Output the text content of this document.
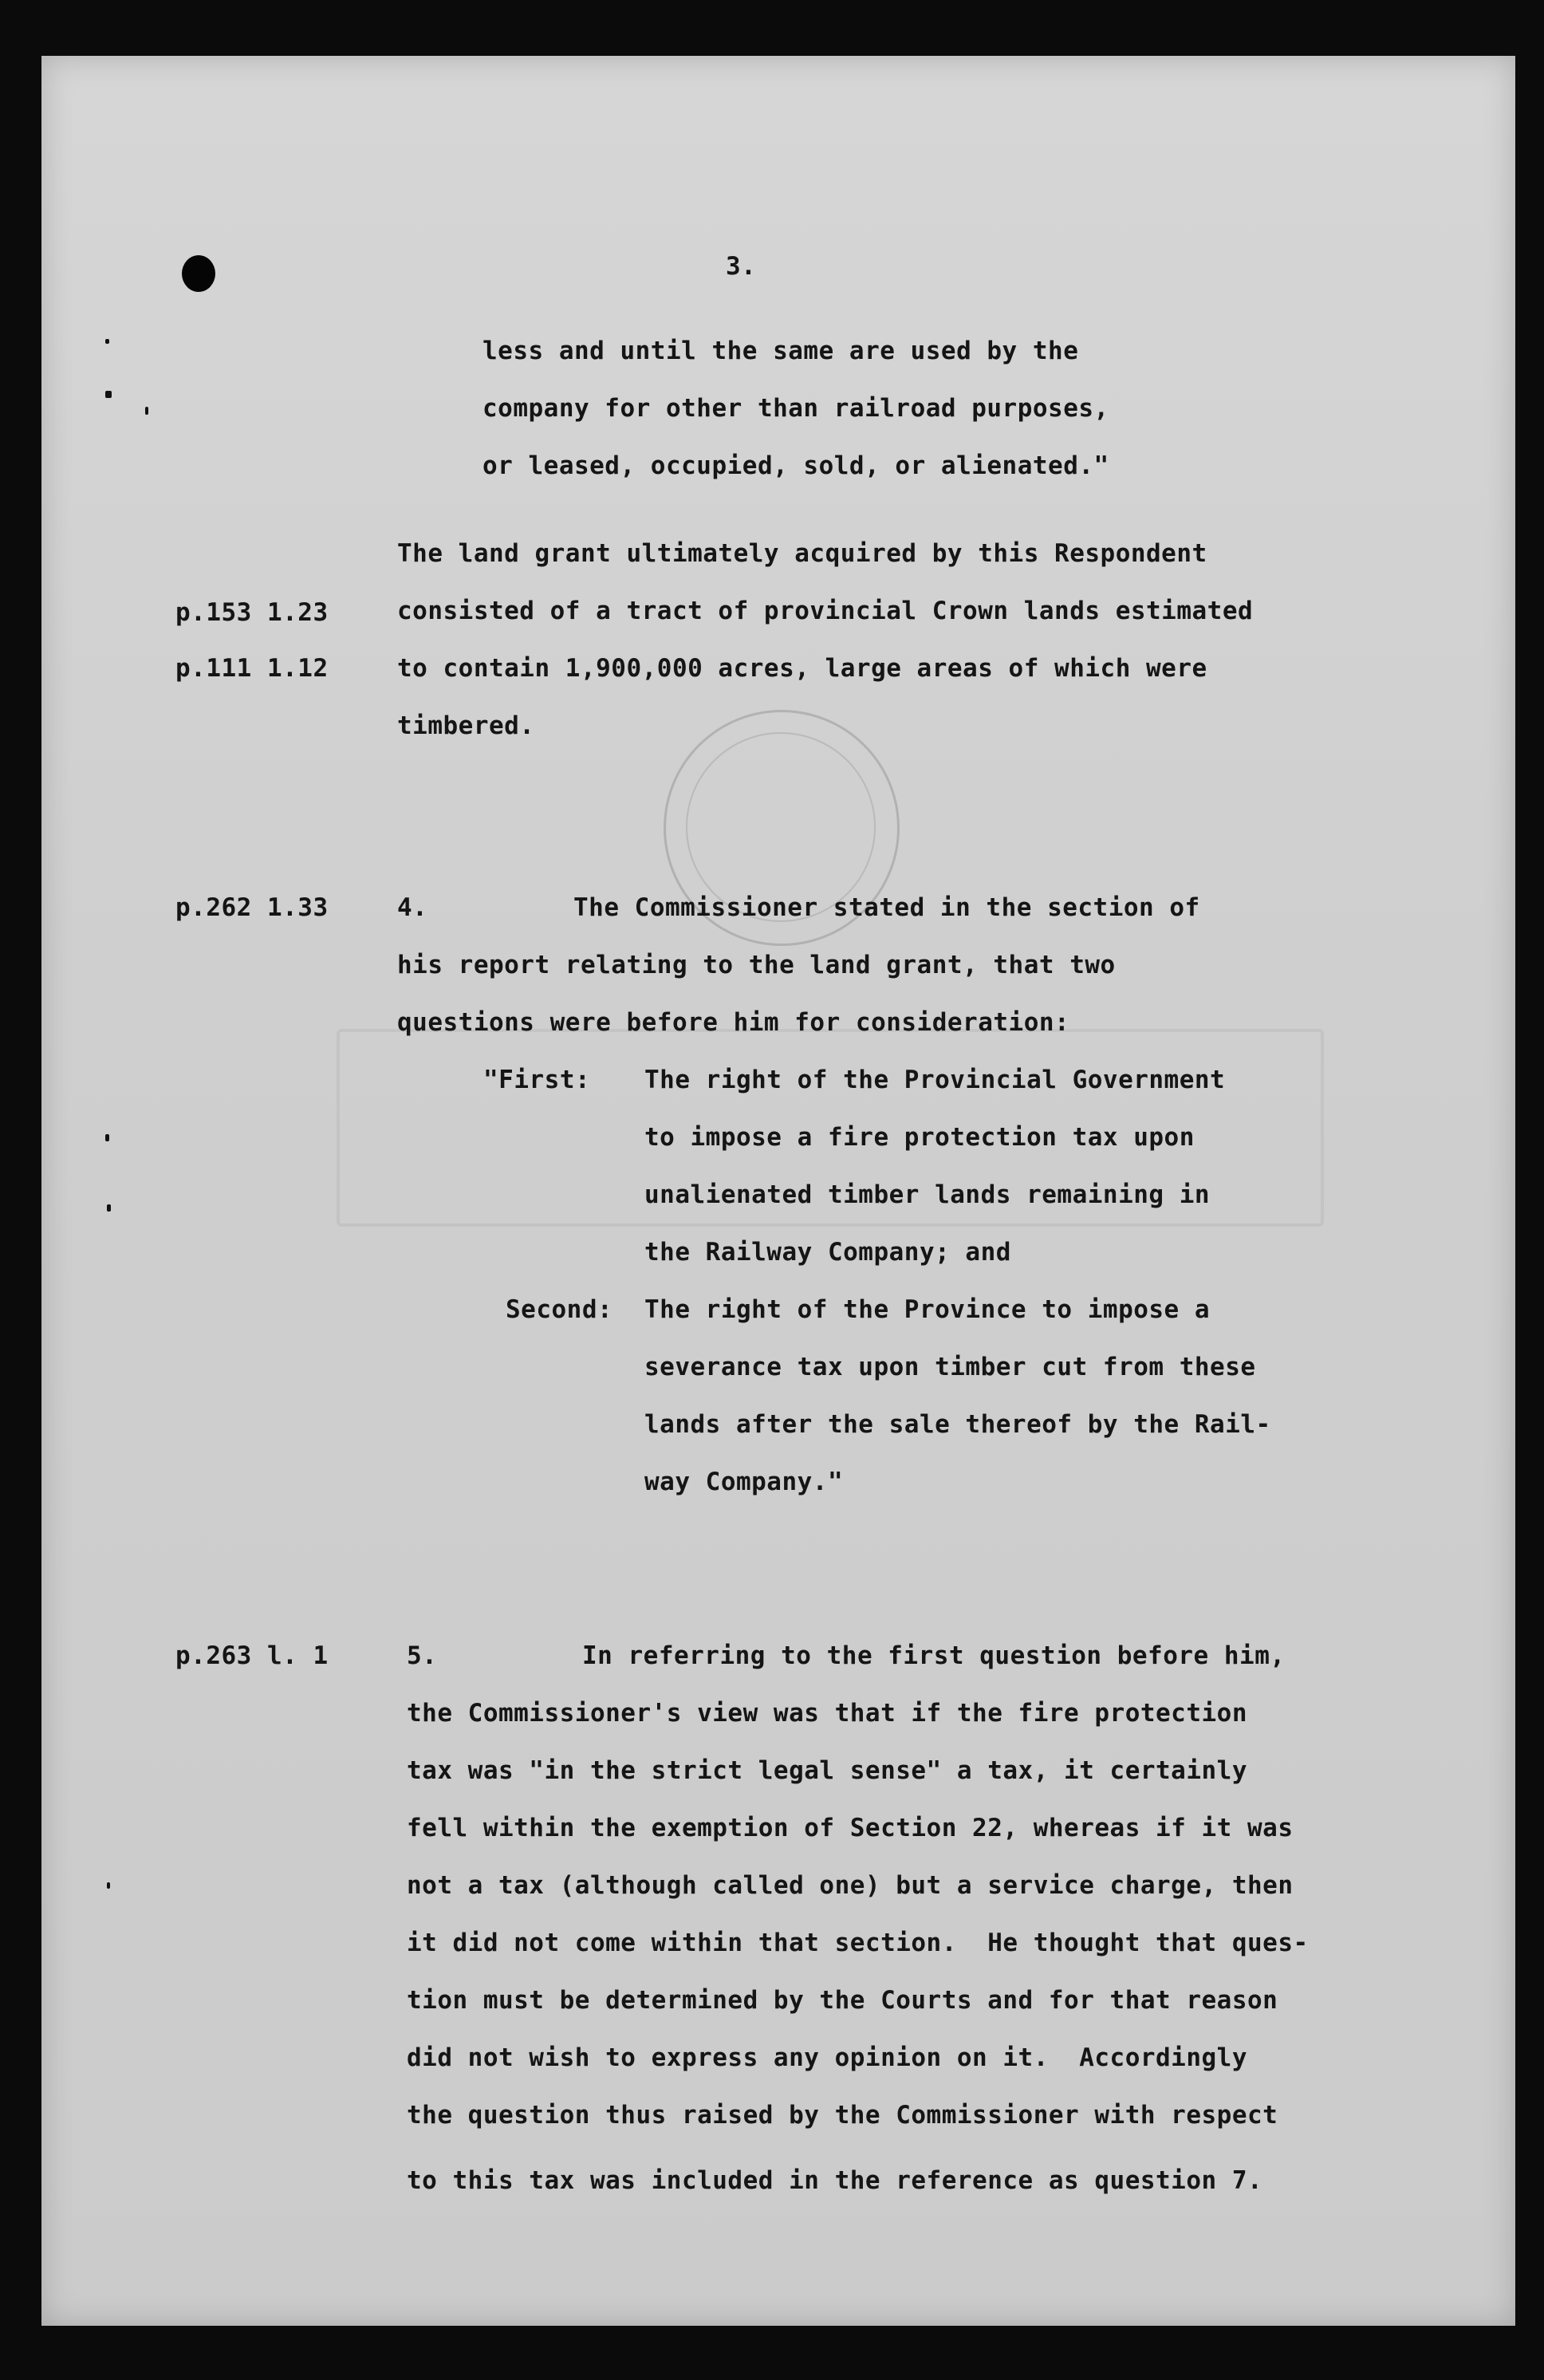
3.
less and until the same are used by the
company for other than railroad purposes,
or leased, occupied, sold, or alienated."
p.153 1.23
p.111 1.12
The land grant ultimately acquired by this Respondent
consisted of a tract of provincial Crown lands estimated
to contain 1,900,000 acres, large areas of which were
timbered.
p.262 1.33	4.	The Commissioner stated in the section of
his report relating to the land grant, that two
questions were before him for consideration:
"First: The right of the Provincial Government
to impose a fire protection tax upon
unalienated timber lands remaining in
the Railway Company; and
Second: The right of the Province to impose a
severance tax upon timber cut from these
lands after the sale thereof by the Rail-
way Company."
p.263 l. 1	5.	In referring to the first question before him,
the Commissioner's view was that if the fire protection
tax was "in the strict legal sense" a tax, it certainly
fell within the exemption of Section 22, whereas if it was
not a tax (although called one) but a service charge, then
it did not come within that section.  He thought that ques-
tion must be determined by the Courts and for that reason
did not wish to express any opinion on it.  Accordingly
the question thus raised by the Commissioner with respect
to this tax was included in the reference as question 7.
